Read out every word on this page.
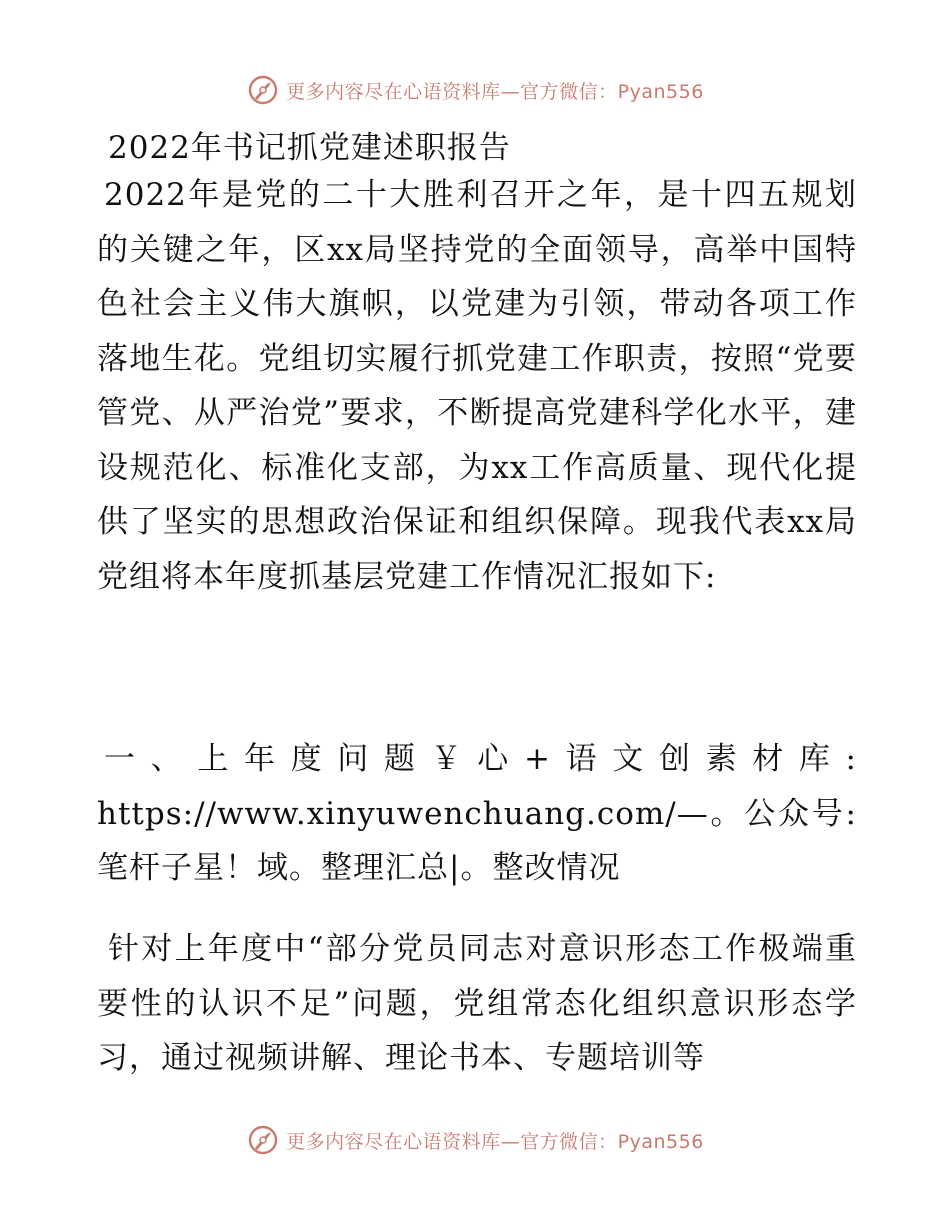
更多内容尽在心语资料库—官方微信：Pyan556
2022年书记抓党建述职报告
2022年是党的二十大胜利召开之年，是十四五规划的关键之年，区xx局坚持党的全面领导，高举中国特色社会主义伟大旗帜，以党建为引领，带动各项工作落地生花。党组切实履行抓党建工作职责，按照“党要管党、从严治党”要求，不断提高党建科学化水平，建设规范化、标准化支部，为xx工作高质量、现代化提供了坚实的思想政治保证和组织保障。现我代表xx局党组将本年度抓基层党建工作情况汇报如下:
一、上年度问题￥心+语文创素材库: https://www.xinyuwenchuang.com/—。公众号: 笔杆子星！域。整理汇总|。整改情况
针对上年度中“部分党员同志对意识形态工作极端重要性的认识不足”问题，党组常态化组织意识形态学习，通过视频讲解、理论书本、专题培训等
更多内容尽在心语资料库—官方微信：Pyan556
